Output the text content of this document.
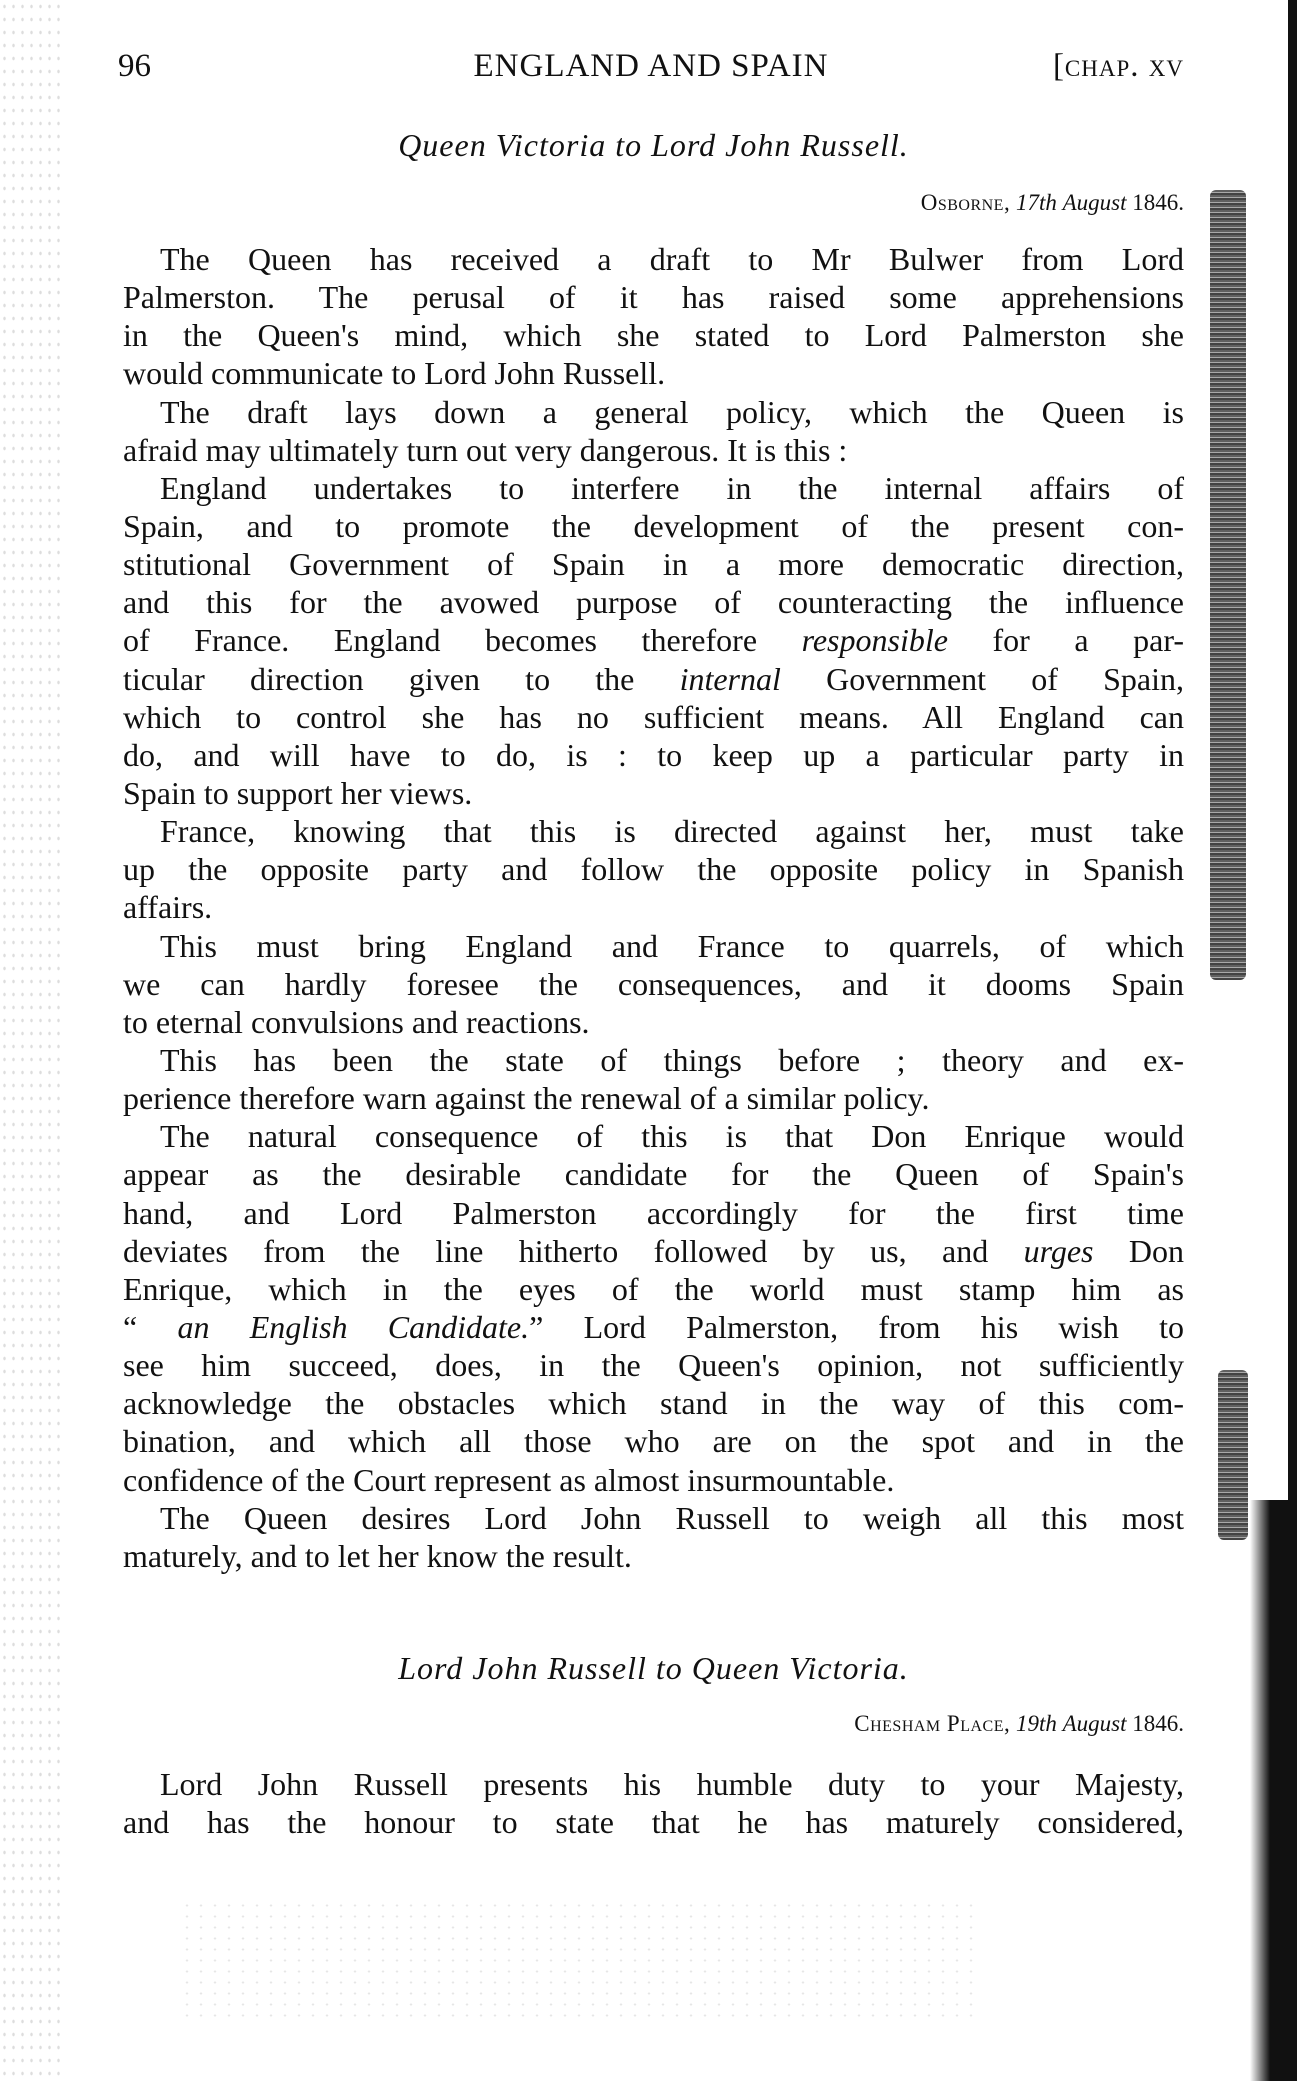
96	ENGLAND AND SPAIN	[chap. xv
Queen Victoria to Lord John Russell.
Osborne, 17th August 1846.
The Queen has received a draft to Mr Bulwer from Lord
Palmerston. The perusal of it has raised some apprehensions
in the Queen's mind, which she stated to Lord Palmerston she
would communicate to Lord John Russell.
The draft lays down a general policy, which the Queen is
afraid may ultimately turn out very dangerous. It is this :
England undertakes to interfere in the internal affairs of
Spain, and to promote the development of the present con-
stitutional Government of Spain in a more democratic direction,
and this for the avowed purpose of counteracting the influence
of France. England becomes therefore responsible for a par-
ticular direction given to the internal Government of Spain,
which to control she has no sufficient means. All England can
do, and will have to do, is : to keep up a particular party in
Spain to support her views.
France, knowing that this is directed against her, must take
up the opposite party and follow the opposite policy in Spanish
affairs.
This must bring England and France to quarrels, of which
we can hardly foresee the consequences, and it dooms Spain
to eternal convulsions and reactions.
This has been the state of things before ; theory and ex-
perience therefore warn against the renewal of a similar policy.
The natural consequence of this is that Don Enrique would
appear as the desirable candidate for the Queen of Spain's
hand, and Lord Palmerston accordingly for the first time
deviates from the line hitherto followed by us, and urges Don
Enrique, which in the eyes of the world must stamp him as
“ an English Candidate.” Lord Palmerston, from his wish to
see him succeed, does, in the Queen's opinion, not sufficiently
acknowledge the obstacles which stand in the way of this com-
bination, and which all those who are on the spot and in the
confidence of the Court represent as almost insurmountable.
The Queen desires Lord John Russell to weigh all this most
maturely, and to let her know the result.
Lord John Russell to Queen Victoria.
Chesham Place, 19th August 1846.
Lord John Russell presents his humble duty to your Majesty,
and has the honour to state that he has maturely considered,
